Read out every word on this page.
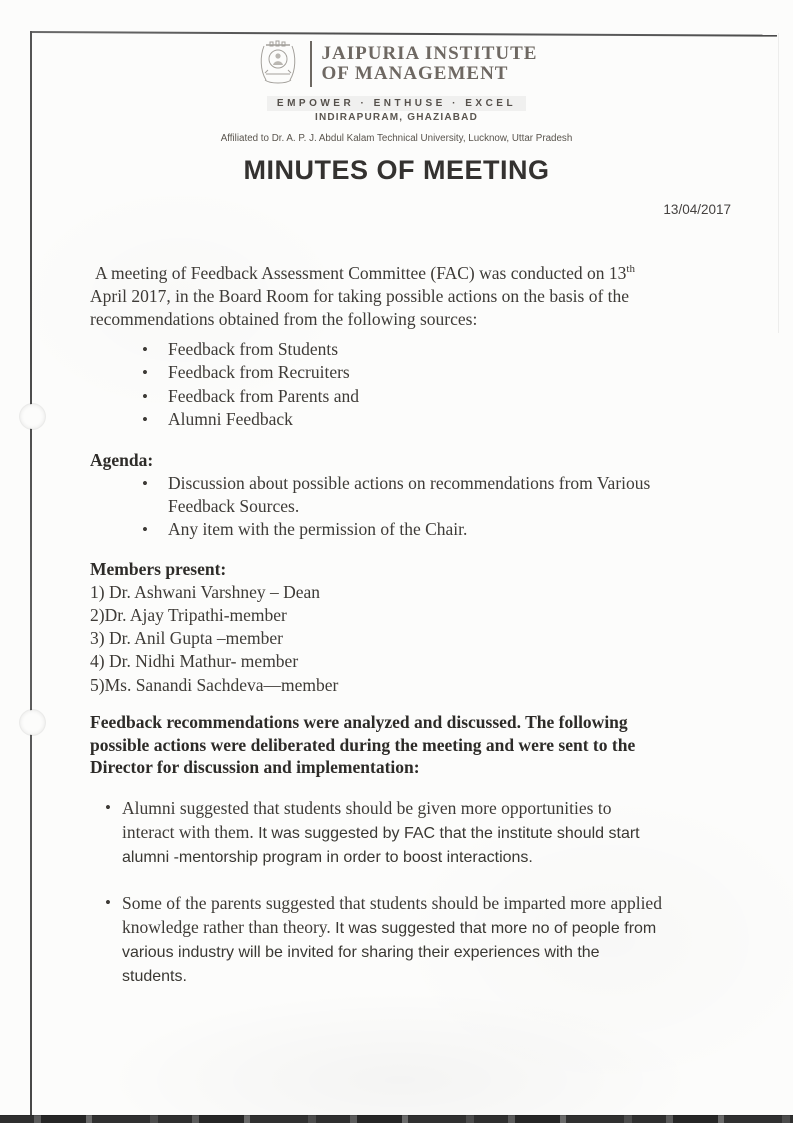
JAIPURIA INSTITUTE
OF MANAGEMENT
EMPOWER · ENTHUSE · EXCEL
INDIRAPURAM, GHAZIABAD
Affiliated to Dr. A. P. J. Abdul Kalam Technical University, Lucknow, Uttar Pradesh
MINUTES OF MEETING
13/04/2017

A meeting of Feedback Assessment Committee (FAC) was conducted on 13th
April 2017, in the Board Room for taking possible actions on the basis of the
recommendations obtained from the following sources:

• Feedback from Students
• Feedback from Recruiters
• Feedback from Parents and
• Alumni Feedback

Agenda:

• Discussion about possible actions on recommendations from Various
Feedback Sources.
• Any item with the permission of the Chair.

Members present:

1) Dr. Ashwani Varshney – Dean
2)Dr. Ajay Tripathi-member
3) Dr. Anil Gupta –member
4) Dr. Nidhi Mathur- member
5)Ms. Sanandi Sachdeva—member

Feedback recommendations were analyzed and discussed. The following
possible actions were deliberated during the meeting and were sent to the
Director for discussion and implementation:

• Alumni suggested that students should be given more opportunities to
interact with them. It was suggested by FAC that the institute should start
alumni -mentorship program in order to boost interactions.
• Some of the parents suggested that students should be imparted more applied
knowledge rather than theory. It was suggested that more no of people from
various industry will be invited for sharing their experiences with the
students.
